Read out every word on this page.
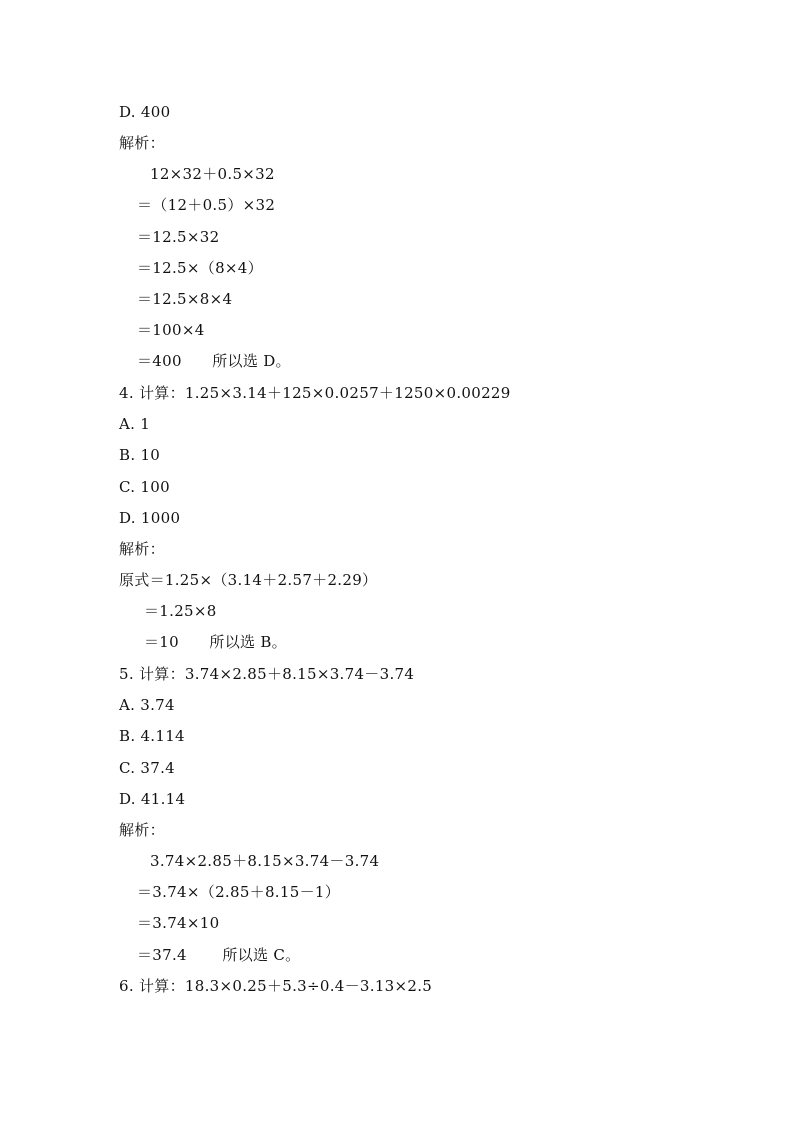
D. 400
解析：
12×32＋0.5×32
＝（12＋0.5）×32
＝12.5×32
＝12.5×（8×4）
＝12.5×8×4
＝100×4
＝400      所以选 D。
4. 计算：1.25×3.14＋125×0.0257＋1250×0.00229
A. 1
B. 10
C. 100
D. 1000
解析：
原式＝1.25×（3.14＋2.57＋2.29）
＝1.25×8
＝10      所以选 B。
5. 计算：3.74×2.85＋8.15×3.74－3.74
A. 3.74
B. 4.114
C. 37.4
D. 41.14
解析：
3.74×2.85＋8.15×3.74－3.74
＝3.74×（2.85＋8.15－1）
＝3.74×10
＝37.4       所以选 C。
6. 计算：18.3×0.25＋5.3÷0.4－3.13×2.5
